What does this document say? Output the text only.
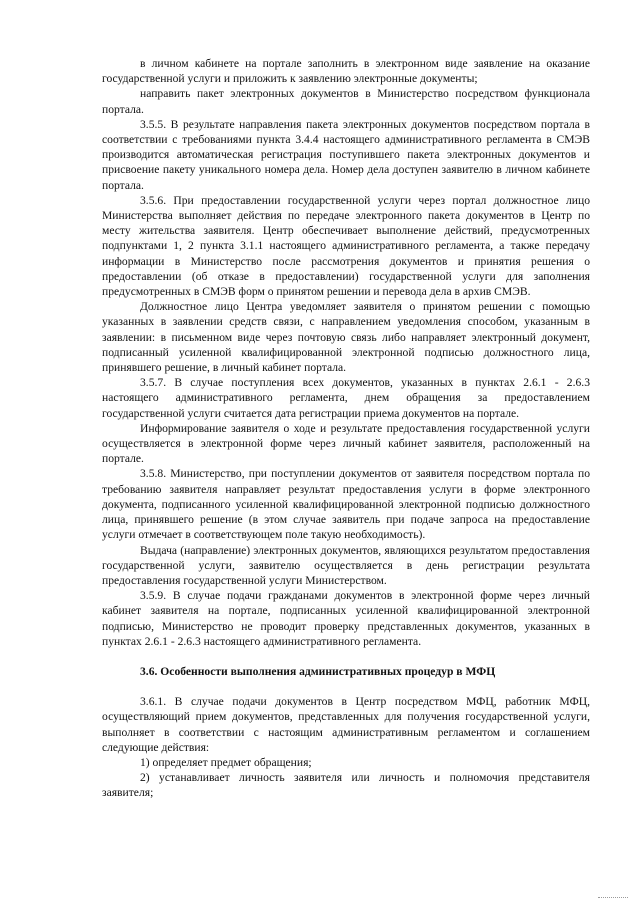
в личном кабинете на портале заполнить в электронном виде заявление на оказание государственной услуги и приложить к заявлению электронные документы;

направить пакет электронных документов в Министерство посредством функционала портала.

3.5.5. В результате направления пакета электронных документов посредством портала в соответствии с требованиями пункта 3.4.4 настоящего административного регламента в СМЭВ производится автоматическая регистрация поступившего пакета электронных документов и присвоение пакету уникального номера дела. Номер дела доступен заявителю в личном кабинете портала.

3.5.6. При предоставлении государственной услуги через портал должностное лицо Министерства выполняет действия по передаче электронного пакета документов в Центр по месту жительства заявителя. Центр обеспечивает выполнение действий, предусмотренных подпунктами 1, 2 пункта 3.1.1 настоящего административного регламента, а также передачу информации в Министерство после рассмотрения документов и принятия решения о предоставлении (об отказе в предоставлении) государственной услуги для заполнения предусмотренных в СМЭВ форм о принятом решении и перевода дела в архив СМЭВ.

Должностное лицо Центра уведомляет заявителя о принятом решении с помощью указанных в заявлении средств связи, с направлением уведомления способом, указанным в заявлении: в письменном виде через почтовую связь либо направляет электронный документ, подписанный усиленной квалифицированной электронной подписью должностного лица, принявшего решение, в личный кабинет портала.

3.5.7. В случае поступления всех документов, указанных в пунктах 2.6.1 - 2.6.3 настоящего административного регламента, днем обращения за предоставлением государственной услуги считается дата регистрации приема документов на портале.

Информирование заявителя о ходе и результате предоставления государственной услуги осуществляется в электронной форме через личный кабинет заявителя, расположенный на портале.

3.5.8. Министерство, при поступлении документов от заявителя посредством портала по требованию заявителя направляет результат предоставления услуги в форме электронного документа, подписанного усиленной квалифицированной электронной подписью должностного лица, принявшего решение (в этом случае заявитель при подаче запроса на предоставление услуги отмечает в соответствующем поле такую необходимость).

Выдача (направление) электронных документов, являющихся результатом предоставления государственной услуги, заявителю осуществляется в день регистрации результата предоставления государственной услуги Министерством.

3.5.9. В случае подачи гражданами документов в электронной форме через личный кабинет заявителя на портале, подписанных усиленной квалифицированной электронной подписью, Министерство не проводит проверку представленных документов, указанных в пунктах 2.6.1 - 2.6.3 настоящего административного регламента.

3.6. Особенности выполнения административных процедур в МФЦ

3.6.1. В случае подачи документов в Центр посредством МФЦ, работник МФЦ, осуществляющий прием документов, представленных для получения государственной услуги, выполняет в соответствии с настоящим административным регламентом и соглашением следующие действия:

1) определяет предмет обращения;

2) устанавливает личность заявителя или личность и полномочия представителя заявителя;
